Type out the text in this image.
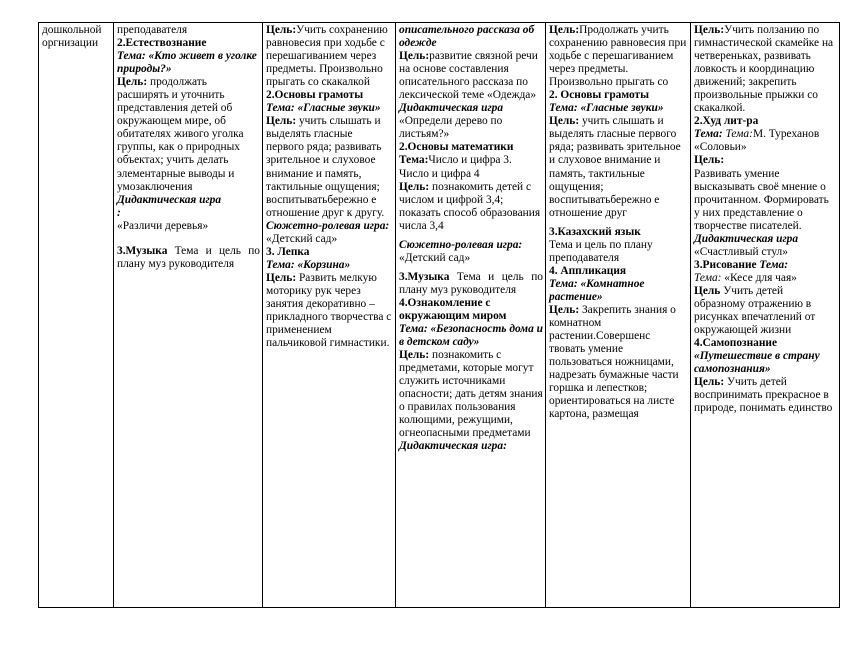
дошкольной
оргнизации	преподавателя
2.Естествознание
Тема: «Кто живет в уголке природы?»
Цель: продолжать расширять и уточнить представления детей об окружающем мире, об обитателях живого уголка группы, как о природных объектах; учить делать элементарные выводы и умозаключения
Дидактическая игра
:
«Различи деревья»
3.Музыка Тема и цель по плану муз руководителя
	Цель:Учить сохранению равновесия при ходьбе с перешагиванием через предметы. Произвольно прыгать со скакалкой
2.Основы грамоты
Тема: «Гласные звуки»
Цель: учить слышать и выделять гласные первого ряда; развивать зрительное и слуховое внимание и память, тактильные ощущения; воспитыватьбережно е отношение друг к другу.
Сюжетно-ролевая игра:
«Детский сад»
3. Лепка
Тема: «Корзина»
Цель: Развить мелкую моторику рук через занятия декоративно – прикладного творчества с применением пальчиковой гимнастики.	описательного рассказа об одежде
Цель:развитие связной речи на основе составления описательного рассказа по лексической теме «Одежда»
Дидактическая игра
«Определи дерево по листьям?»
2.Основы математики
Тема:Число и цифра 3. Число и цифра 4
Цель: познакомить детей с числом и цифрой 3,4; показать способ образования числа 3,4
Сюжетно-ролевая игра: «Детский сад»
3.Музыка Тема и цель по плану муз руководителя
4.Ознакомление с окружающим миром
Тема: «Безопасность дома и в детском саду»
Цель: познакомить с предметами, которые могут служить источниками опасности; дать детям знания о правилах пользования колющими, режущими, огнеопасными предметами
Дидактическая игра:	Цель:Продолжать учить сохранению равновесия при ходьбе с перешагиванием через предметы. Произвольно прыгать со
2. Основы грамоты
Тема: «Гласные звуки»
Цель: учить слышать и выделять гласные первого ряда; развивать зрительное и слуховое внимание и память, тактильные ощущения; воспитыватьбережно е отношение друг
3.Казахский язык
Тема и цель по плану преподавателя
4. Аппликация
Тема: «Комнатное растение»
Цель: Закрепить знания о комнатном растении.Совершенс твовать умение пользоваться ножницами, надрезать бумажные части горшка и лепестков; ориентироваться на листе картона, размещая	Цель:Учить ползанию по гимнастической скамейке на четвереньках, развивать ловкость и координацию движений; закрепить произвольные прыжки со скакалкой.
2.Худ лит-ра
Тема: Тема:М. Туреханов «Соловьи»
Цель:
Развивать умение высказывать своё мнение о прочитанном. Формировать у них представление о творчестве писателей.
Дидактическая игра
«Счастливый стул»
3.Рисование Тема:
Тема: «Кесе для чая»
Цель Учить детей образному отражению в рисунках впечатлений от окружающей жизни
4.Самопознание
«Путешествие в страну самопознания»
Цель: Учить детей воспринимать прекрасное в природе, понимать единство
